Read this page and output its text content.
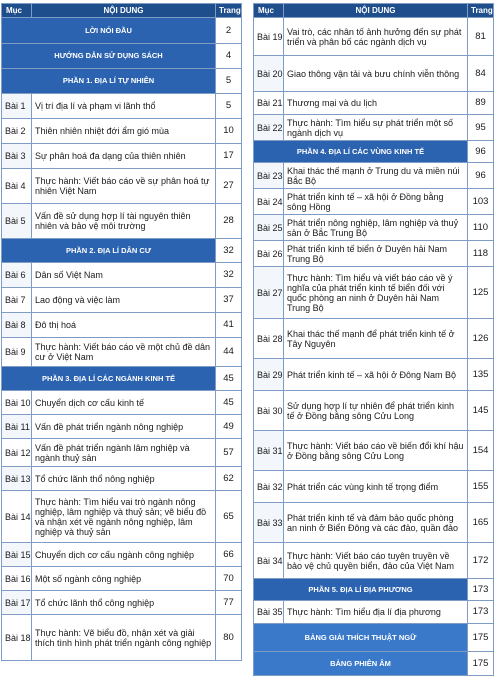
Mục	NỘI DUNG	Trang
LỜI NÓI ĐẦU		2
HƯỚNG DẪN SỬ DỤNG SÁCH		4
PHẦN 1. ĐỊA LÍ TỰ NHIÊN		5
Bài 1	Vị trí địa lí và phạm vi lãnh thổ	5
Bài 2	Thiên nhiên nhiệt đới ẩm gió mùa	10
Bài 3	Sự phân hoá đa dạng của thiên nhiên	17
Bài 4	Thực hành: Viết báo cáo về sự phân hoá tự nhiên Việt Nam	27
Bài 5	Vấn đề sử dụng hợp lí tài nguyên thiên nhiên và bảo vệ môi trường	28
PHẦN 2. ĐỊA LÍ DÂN CƯ		32
Bài 6	Dân số Việt Nam	32
Bài 7	Lao động và việc làm	37
Bài 8	Đô thị hoá	41
Bài 9	Thực hành: Viết báo cáo về một chủ đề dân cư ở Việt Nam	44
PHẦN 3. ĐỊA LÍ CÁC NGÀNH KINH TẾ		45
Bài 10	Chuyển dịch cơ cấu kinh tế	45
Bài 11	Vấn đề phát triển ngành nông nghiệp	49
Bài 12	Vấn đề phát triển ngành lâm nghiệp và ngành thuỷ sản	57
Bài 13	Tổ chức lãnh thổ nông nghiệp	62
Bài 14	Thực hành: Tìm hiểu vai trò ngành nông nghiệp, lâm nghiệp và thuỷ sản; vẽ biểu đồ và nhận xét về ngành nông nghiệp, lâm nghiệp và thuỷ sản	65
Bài 15	Chuyển dịch cơ cấu ngành công nghiệp	66
Bài 16	Một số ngành công nghiệp	70
Bài 17	Tổ chức lãnh thổ công nghiệp	77
Bài 18	Thực hành: Vẽ biểu đồ, nhận xét và giải thích tình hình phát triển ngành công nghiệp	80
Mục	NỘI DUNG	Trang
Bài 19	Vai trò, các nhân tố ảnh hưởng đến sự phát triển và phân bố các ngành dịch vụ	81
Bài 20	Giao thông vận tải và bưu chính viễn thông	84
Bài 21	Thương mại và du lịch	89
Bài 22	Thực hành: Tìm hiểu sự phát triển một số ngành dịch vụ	95
PHẦN 4. ĐỊA LÍ CÁC VÙNG KINH TẾ		96
Bài 23	Khai thác thế mạnh ở Trung du và miền núi Bắc Bộ	96
Bài 24	Phát triển kinh tế – xã hội ở Đồng bằng sông Hồng	103
Bài 25	Phát triển nông nghiệp, lâm nghiệp và thuỷ sản ở Bắc Trung Bộ	110
Bài 26	Phát triển kinh tế biển ở Duyên hải Nam Trung Bộ	118
Bài 27	Thực hành: Tìm hiểu và viết báo cáo về ý nghĩa của phát triển kinh tế biển đối với quốc phòng an ninh ở Duyên hải Nam Trung Bộ	125
Bài 28	Khai thác thế mạnh để phát triển kinh tế ở Tây Nguyên	126
Bài 29	Phát triển kinh tế – xã hội ở Đông Nam Bộ	135
Bài 30	Sử dụng hợp lí tự nhiên để phát triển kinh tế ở Đồng bằng sông Cửu Long	145
Bài 31	Thực hành: Viết báo cáo về biến đổi khí hậu ở Đồng bằng sông Cửu Long	154
Bài 32	Phát triển các vùng kinh tế trọng điểm	155
Bài 33	Phát triển kinh tế và đảm bảo quốc phòng an ninh ở Biển Đông và các đảo, quần đảo	165
Bài 34	Thực hành: Viết báo cáo tuyên truyền về bảo vệ chủ quyền biển, đảo của Việt Nam	172
PHẦN 5. ĐỊA LÍ ĐỊA PHƯƠNG		173
Bài 35	Thực hành: Tìm hiểu địa lí địa phương	173
BẢNG GIẢI THÍCH THUẬT NGỮ		175
BẢNG PHIÊN ÂM		175
